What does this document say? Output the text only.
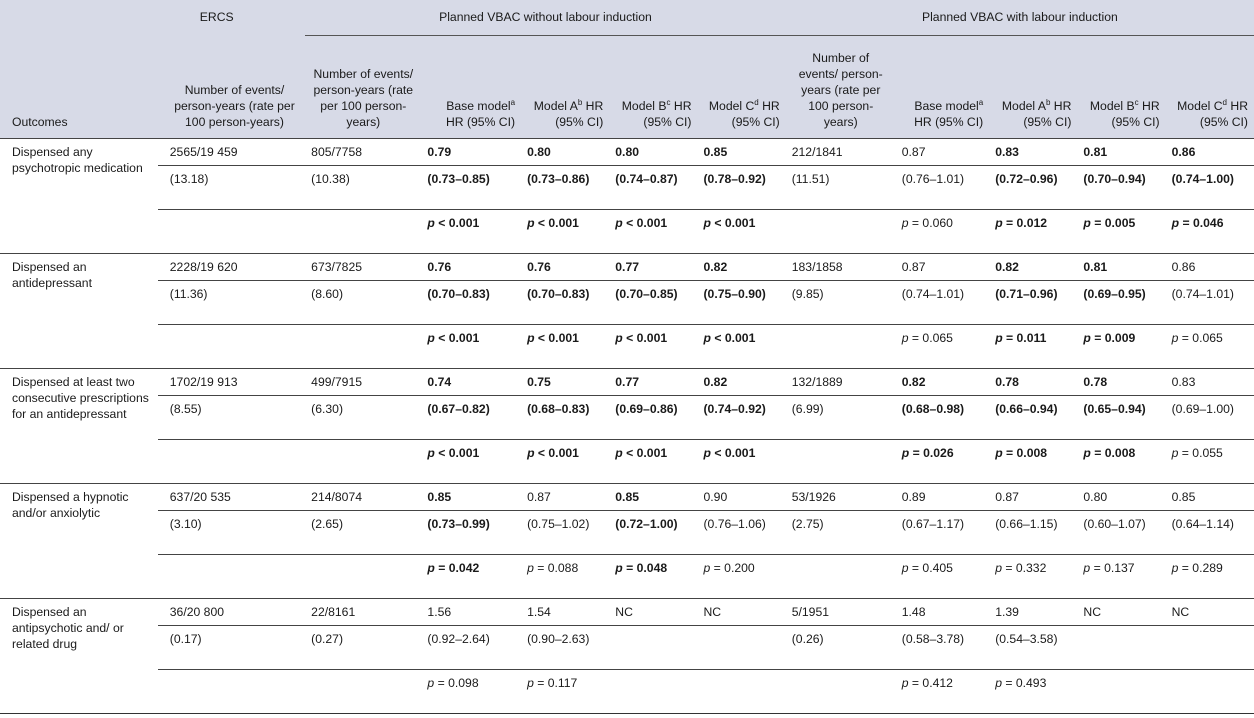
	ERCS	Planned VBAC without labour induction					Planned VBAC with labour induction				
Outcomes	Number of events/ person-years (rate per 100 person-years)	Number of events/ person-years (rate per 100 person-years)	Base model$^a$ HR (95% CI)	Model $A^b$ HR (95% CI)	Model $B^c$ HR (95% CI)	Model $C^d$ HR (95% CI)	Number of events/ person-years (rate per 100 person-years)	Base model$^a$ HR (95% CI)	Model $A^b$ HR (95% CI)	Model $B^c$ HR (95% CI)	Model $C^d$ HR (95% CI)
Dispensed any psychotropic medication	2565/19 459	805/7758	0.79	0.80	0.80	0.85	212/1841	0.87	0.83	0.81	0.86
	(13.18)	(10.38)	(0.73–0.85)	(0.73–0.86)	(0.74–0.87)	(0.78–0.92)	(11.51)	(0.76–1.01)	(0.72–0.96)	(0.70–0.94)	(0.74–1.00)
			p < 0.001	p < 0.001	p < 0.001	p < 0.001		p = 0.060	p = 0.012	p = 0.005	p = 0.046
Dispensed an antidepressant	2228/19 620	673/7825	0.76	0.76	0.77	0.82	183/1858	0.87	0.82	0.81	0.86
	(11.36)	(8.60)	(0.70–0.83)	(0.70–0.83)	(0.70–0.85)	(0.75–0.90)	(9.85)	(0.74–1.01)	(0.71–0.96)	(0.69–0.95)	(0.74–1.01)
			p < 0.001	p < 0.001	p < 0.001	p < 0.001		p = 0.065	p = 0.011	p = 0.009	p = 0.065
Dispensed at least two consecutive prescriptions for an antidepressant	1702/19 913	499/7915	0.74	0.75	0.77	0.82	132/1889	0.82	0.78	0.78	0.83
	(8.55)	(6.30)	(0.67–0.82)	(0.68–0.83)	(0.69–0.86)	(0.74–0.92)	(6.99)	(0.68–0.98)	(0.66–0.94)	(0.65–0.94)	(0.69–1.00)
			p < 0.001	p < 0.001	p < 0.001	p < 0.001		p = 0.026	p = 0.008	p = 0.008	p = 0.055
Dispensed a hypnotic and/or anxiolytic	637/20 535	214/8074	0.85	0.87	0.85	0.90	53/1926	0.89	0.87	0.80	0.85
	(3.10)	(2.65)	(0.73–0.99)	(0.75–1.02)	(0.72–1.00)	(0.76–1.06)	(2.75)	(0.67–1.17)	(0.66–1.15)	(0.60–1.07)	(0.64–1.14)
			p = 0.042	p = 0.088	p = 0.048	p = 0.200		p = 0.405	p = 0.332	p = 0.137	p = 0.289
Dispensed an antipsychotic and/ or related drug	36/20 800	22/8161	1.56	1.54	NC	NC	5/1951	1.48	1.39	NC	NC
	(0.17)	(0.27)	(0.92–2.64)	(0.90–2.63)			(0.26)	(0.58–3.78)	(0.54–3.58)		
			p = 0.098	p = 0.117				p = 0.412	p = 0.493		
